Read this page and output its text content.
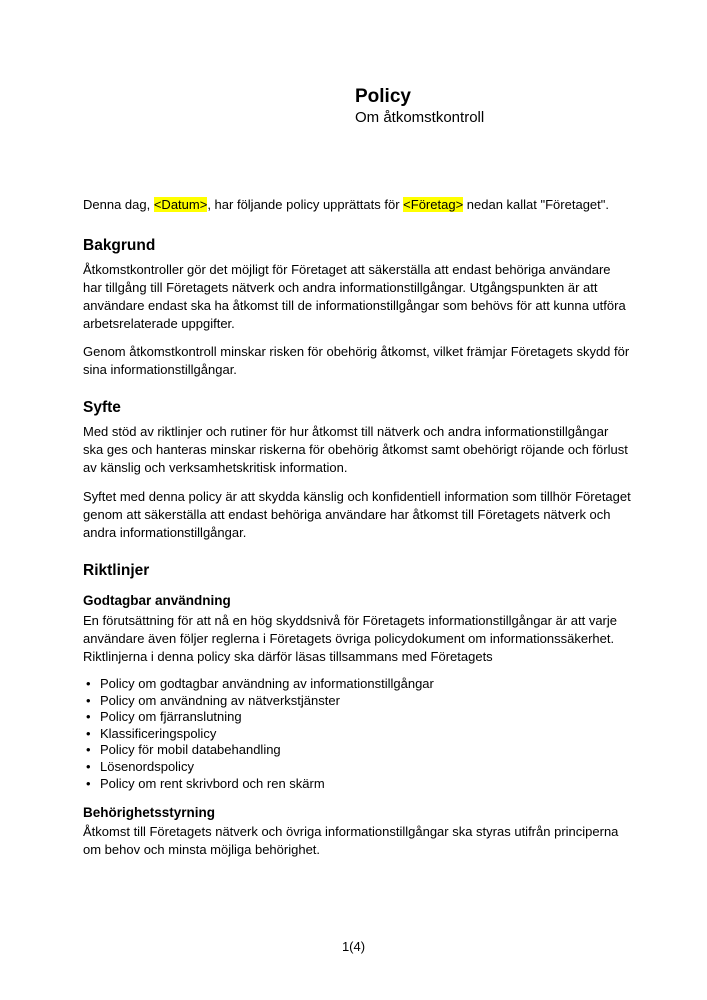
Policy
Om åtkomstkontroll

Denna dag, <Datum>, har följande policy upprättats för <Företag> nedan kallat "Företaget".

Bakgrund

Åtkomstkontroller gör det möjligt för Företaget att säkerställa att endast behöriga användare har tillgång till Företagets nätverk och andra informationstillgångar. Utgångspunkten är att användare endast ska ha åtkomst till de informationstillgångar som behövs för att kunna utföra arbetsrelaterade uppgifter.

Genom åtkomstkontroll minskar risken för obehörig åtkomst, vilket främjar Företagets skydd för sina informationstillgångar.

Syfte

Med stöd av riktlinjer och rutiner för hur åtkomst till nätverk och andra informationstillgångar ska ges och hanteras minskar riskerna för obehörig åtkomst samt obehörigt röjande och förlust av känslig och verksamhetskritisk information.

Syftet med denna policy är att skydda känslig och konfidentiell information som tillhör Företaget genom att säkerställa att endast behöriga användare har åtkomst till Företagets nätverk och andra informationstillgångar.

Riktlinjer
Godtagbar användning

En förutsättning för att nå en hög skyddsnivå för Företagets informationstillgångar är att varje användare även följer reglerna i Företagets övriga policydokument om informationssäkerhet. Riktlinjerna i denna policy ska därför läsas tillsammans med Företagets

• Policy om godtagbar användning av informationstillgångar
• Policy om användning av nätverkstjänster
• Policy om fjärranslutning
• Klassificeringspolicy
• Policy för mobil databehandling
• Lösenordspolicy
• Policy om rent skrivbord och ren skärm
Behörighetsstyrning

Åtkomst till Företagets nätverk och övriga informationstillgångar ska styras utifrån principerna om behov och minsta möjliga behörighet.

1(4)
